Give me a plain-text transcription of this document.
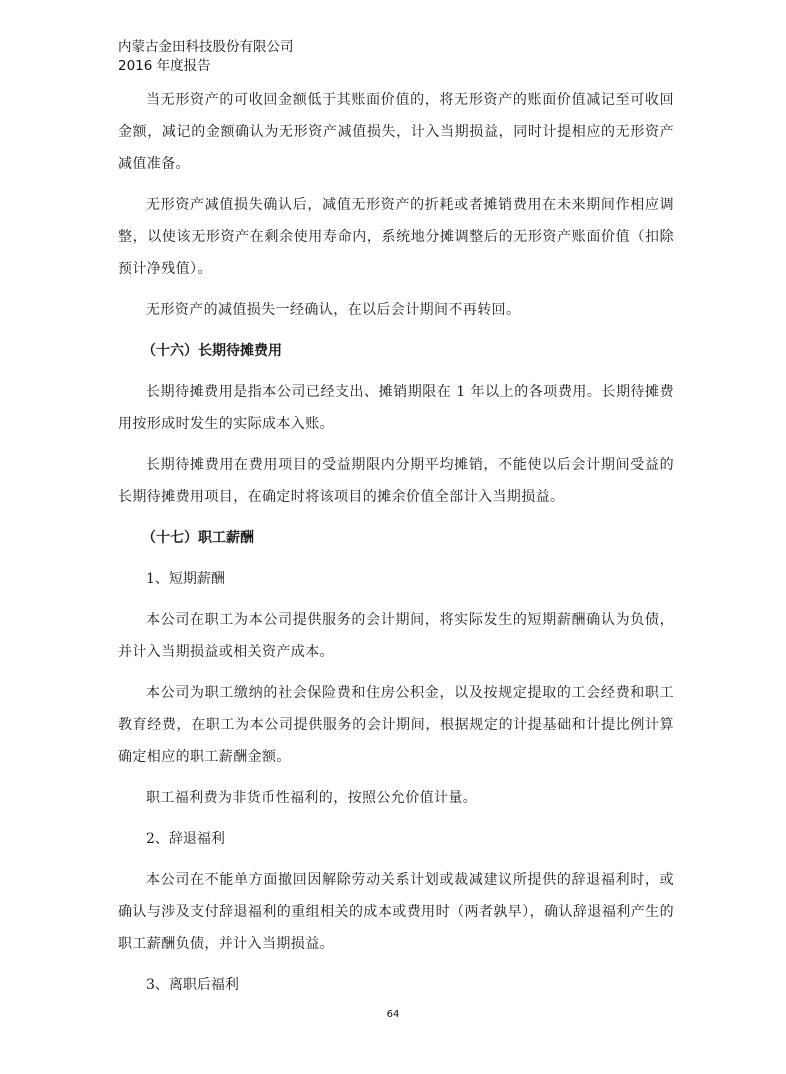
内蒙古金田科技股份有限公司
2016 年度报告

当无形资产的可收回金额低于其账面价值的，将无形资产的账面价值减记至可收回金额，减记的金额确认为无形资产减值损失，计入当期损益，同时计提相应的无形资产减值准备。

无形资产减值损失确认后，减值无形资产的折耗或者摊销费用在未来期间作相应调整，以使该无形资产在剩余使用寿命内，系统地分摊调整后的无形资产账面价值（扣除预计净残值）。

无形资产的减值损失一经确认，在以后会计期间不再转回。

（十六）长期待摊费用

长期待摊费用是指本公司已经支出、摊销期限在 1 年以上的各项费用。长期待摊费用按形成时发生的实际成本入账。

长期待摊费用在费用项目的受益期限内分期平均摊销，不能使以后会计期间受益的长期待摊费用项目，在确定时将该项目的摊余价值全部计入当期损益。

（十七）职工薪酬
1、短期薪酬

本公司在职工为本公司提供服务的会计期间，将实际发生的短期薪酬确认为负债，并计入当期损益或相关资产成本。

本公司为职工缴纳的社会保险费和住房公积金，以及按规定提取的工会经费和职工教育经费，在职工为本公司提供服务的会计期间，根据规定的计提基础和计提比例计算确定相应的职工薪酬金额。

职工福利费为非货币性福利的，按照公允价值计量。

2、辞退福利

本公司在不能单方面撤回因解除劳动关系计划或裁减建议所提供的辞退福利时，或确认与涉及支付辞退福利的重组相关的成本或费用时（两者孰早），确认辞退福利产生的职工薪酬负债，并计入当期损益。

3、离职后福利
64
